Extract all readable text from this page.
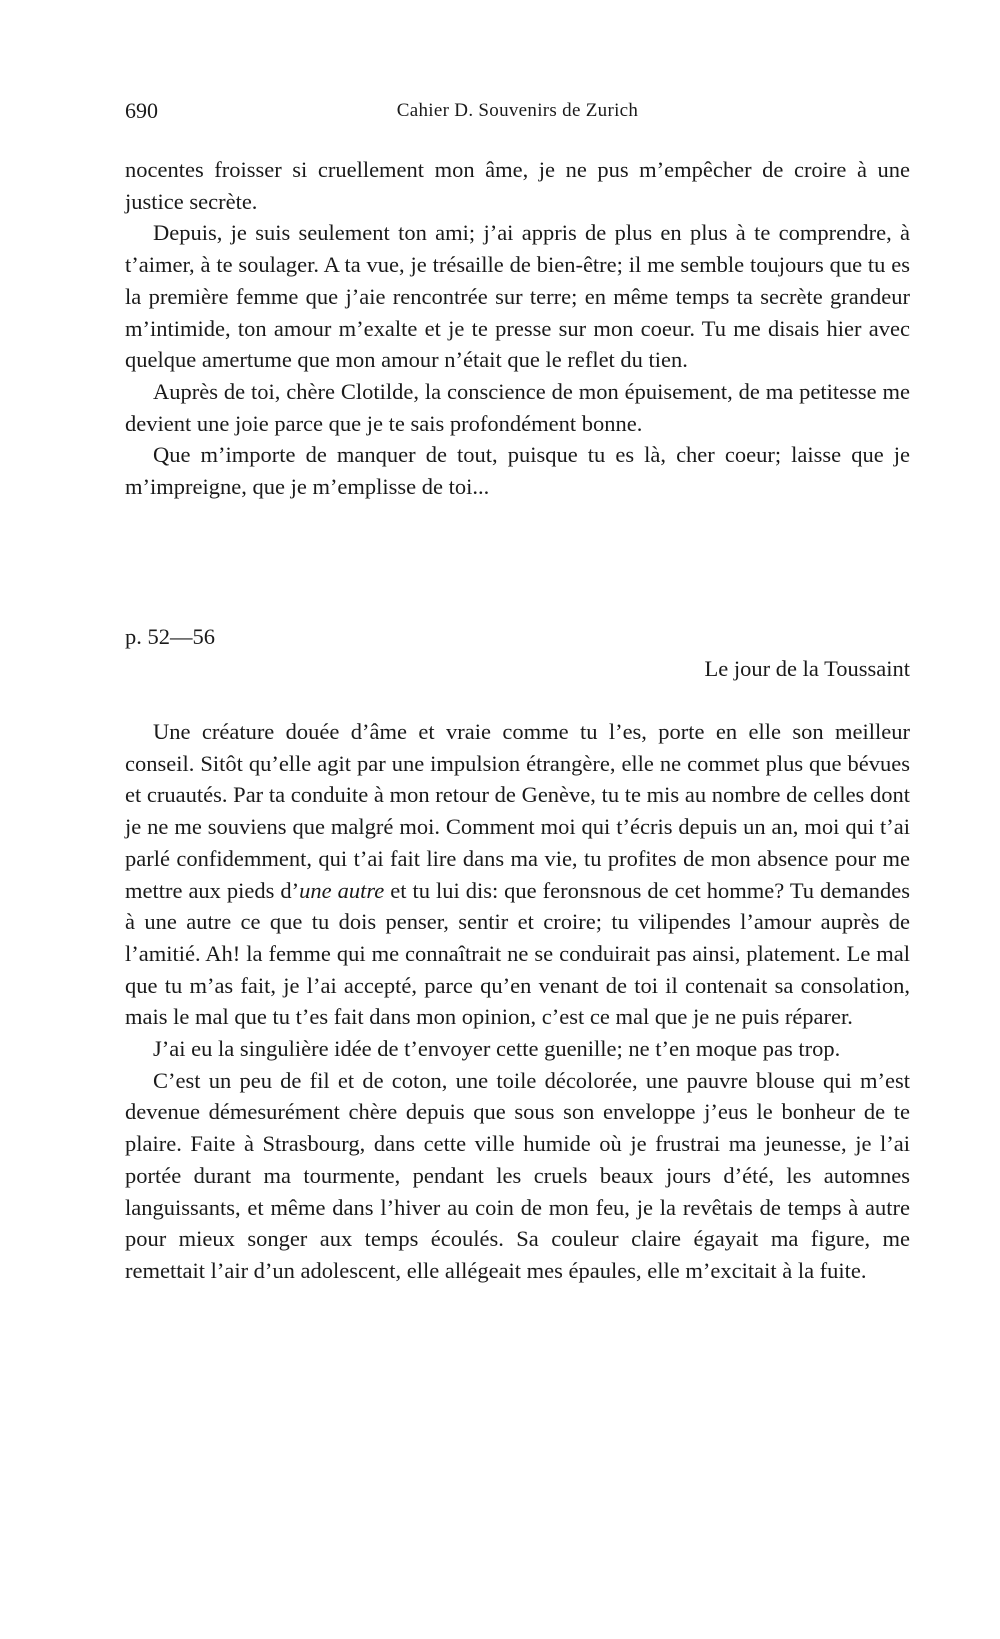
690	Cahier D. Souvenirs de Zurich

nocentes froisser si cruellement mon âme, je ne pus m’empêcher de croire à une justice secrète.

Depuis, je suis seulement ton ami; j’ai appris de plus en plus à te comprendre, à t’aimer, à te soulager. A ta vue, je trésaille de bien-être; il me semble toujours que tu es la première femme que j’aie rencontrée sur terre; en même temps ta secrète grandeur m’intimide, ton amour m’exalte et je te presse sur mon coeur. Tu me disais hier avec quelque amertume que mon amour n’était que le reflet du tien.

Auprès de toi, chère Clotilde, la conscience de mon épuisement, de ma petitesse me devient une joie parce que je te sais profondément bonne.

Que m’importe de manquer de tout, puisque tu es là, cher coeur; laisse que je m’impreigne, que je m’emplisse de toi...

p. 52—56
Le jour de la Toussaint

Une créature douée d’âme et vraie comme tu l’es, porte en elle son meilleur conseil. Sitôt qu’elle agit par une impulsion étrangère, elle ne commet plus que bévues et cruautés. Par ta conduite à mon retour de Genève, tu te mis au nombre de celles dont je ne me souviens que malgré moi. Comment moi qui t’écris depuis un an, moi qui t’ai parlé confidemment, qui t’ai fait lire dans ma vie, tu profites de mon absence pour me mettre aux pieds d’une autre et tu lui dis: que feronsnous de cet homme? Tu demandes à une autre ce que tu dois penser, sentir et croire; tu vilipendes l’amour auprès de l’amitié. Ah! la femme qui me connaîtrait ne se conduirait pas ainsi, platement. Le mal que tu m’as fait, je l’ai accepté, parce qu’en venant de toi il contenait sa consolation, mais le mal que tu t’es fait dans mon opinion, c’est ce mal que je ne puis réparer.

J’ai eu la singulière idée de t’envoyer cette guenille; ne t’en moque pas trop.

C’est un peu de fil et de coton, une toile décolorée, une pauvre blouse qui m’est devenue démesurément chère depuis que sous son enveloppe j’eus le bonheur de te plaire. Faite à Strasbourg, dans cette ville humide où je frustrai ma jeunesse, je l’ai portée durant ma tourmente, pendant les cruels beaux jours d’été, les automnes languissants, et même dans l’hiver au coin de mon feu, je la revêtais de temps à autre pour mieux songer aux temps écoulés. Sa couleur claire égayait ma figure, me remettait l’air d’un adolescent, elle allégeait mes épaules, elle m’excitait à la fuite.
